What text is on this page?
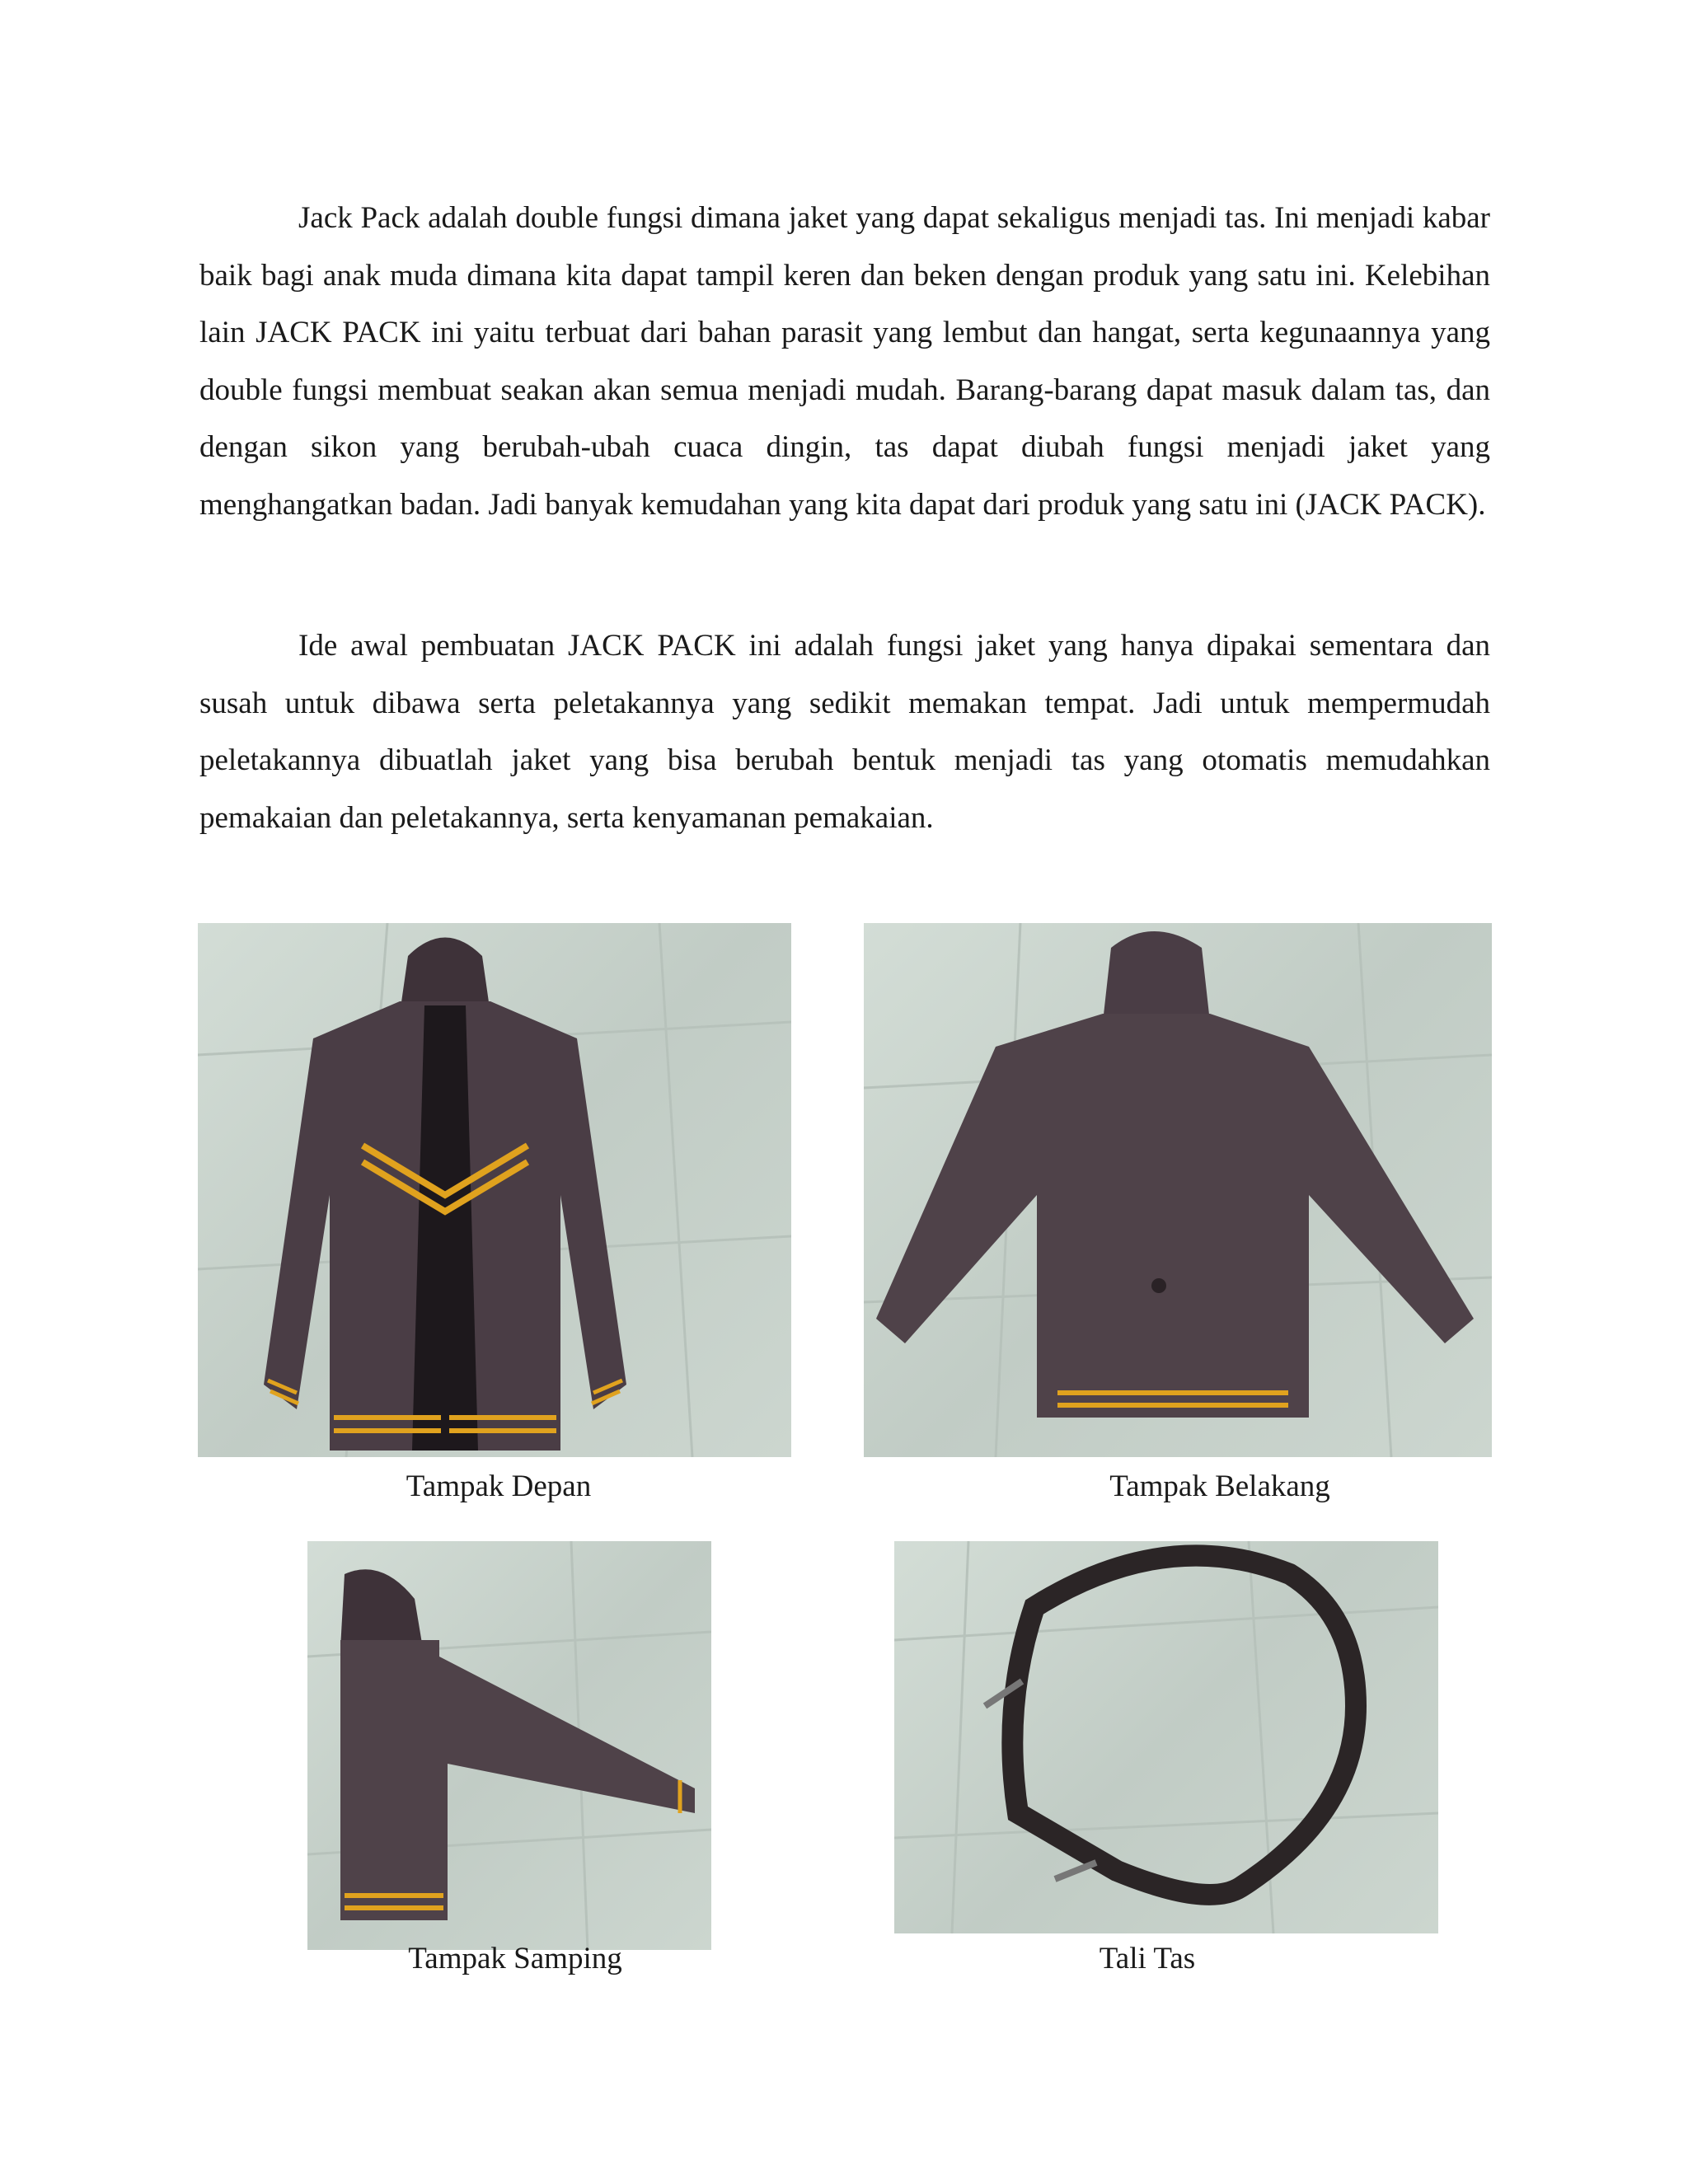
Jack Pack adalah double fungsi dimana jaket yang dapat sekaligus menjadi tas. Ini menjadi kabar baik bagi anak muda dimana kita dapat tampil keren dan beken dengan produk yang satu ini. Kelebihan lain JACK PACK ini yaitu terbuat dari bahan parasit yang lembut dan hangat, serta kegunaannya yang double fungsi membuat seakan akan semua menjadi mudah. Barang-barang dapat masuk dalam tas, dan dengan sikon yang berubah-ubah cuaca dingin, tas dapat diubah fungsi menjadi jaket yang menghangatkan badan. Jadi banyak kemudahan yang kita dapat dari produk yang satu ini (JACK PACK).

Ide awal pembuatan JACK PACK ini adalah fungsi jaket yang hanya dipakai sementara dan susah untuk dibawa serta peletakannya yang sedikit memakan tempat. Jadi untuk mempermudah peletakannya dibuatlah jaket yang bisa berubah bentuk menjadi tas yang otomatis memudahkan pemakaian dan peletakannya, serta kenyamanan pemakaian.

Tampak Depan	Tampak Belakang
Tampak Samping	Tali Tas
